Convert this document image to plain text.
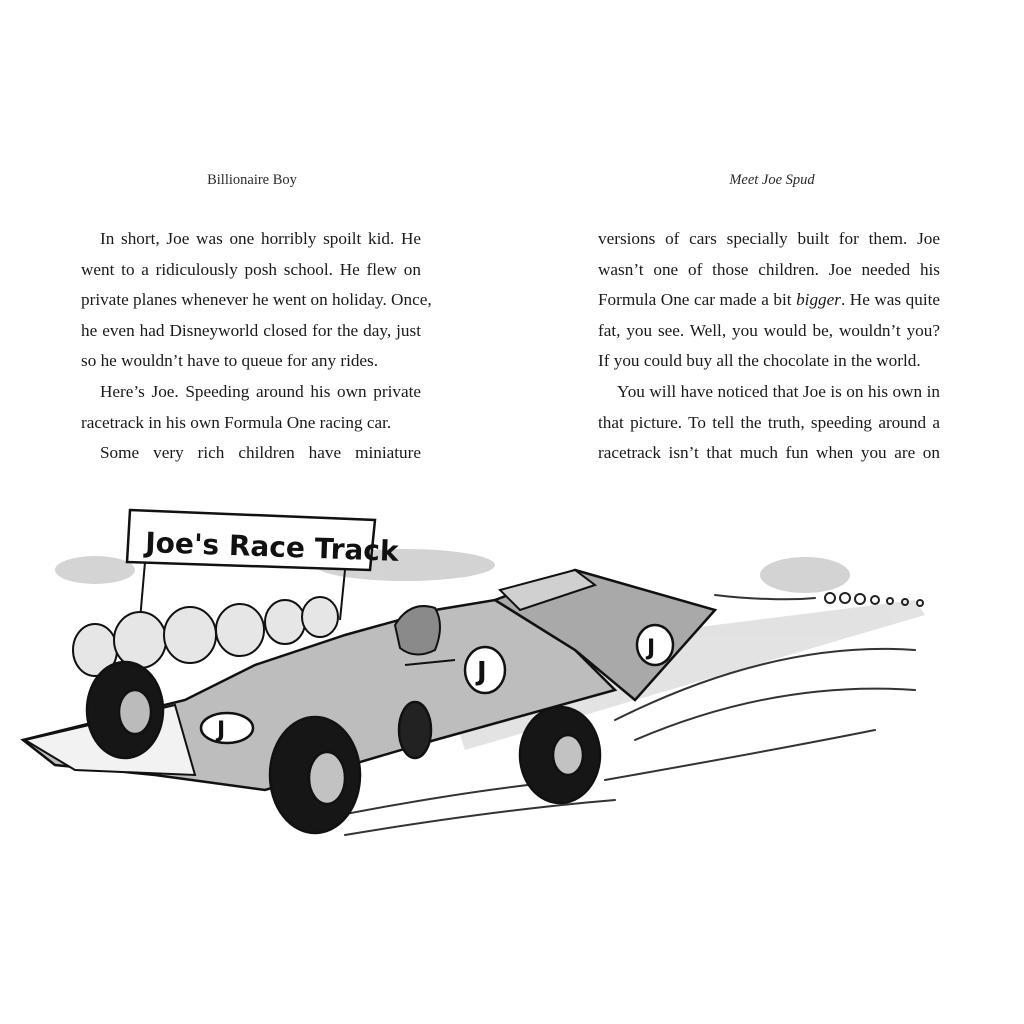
Billionaire Boy	Meet Joe Spud
In short, Joe was one horribly spoilt kid. He
went to a ridiculously posh school. He flew on
private planes whenever he went on holiday. Once,
he even had Disneyworld closed for the day, just
so he wouldn’t have to queue for any rides.
Here’s Joe. Speeding around his own private
racetrack in his own Formula One racing car.
Some very rich children have miniature
versions of cars specially built for them. Joe
wasn’t one of those children. Joe needed his
Formula One car made a bit bigger. He was quite
fat, you see. Well, you would be, wouldn’t you?
If you could buy all the chocolate in the world.
You will have noticed that Joe is on his own in
that picture. To tell the truth, speeding around a
racetrack isn’t that much fun when you are on
Joe's Race Track
J
J
J
